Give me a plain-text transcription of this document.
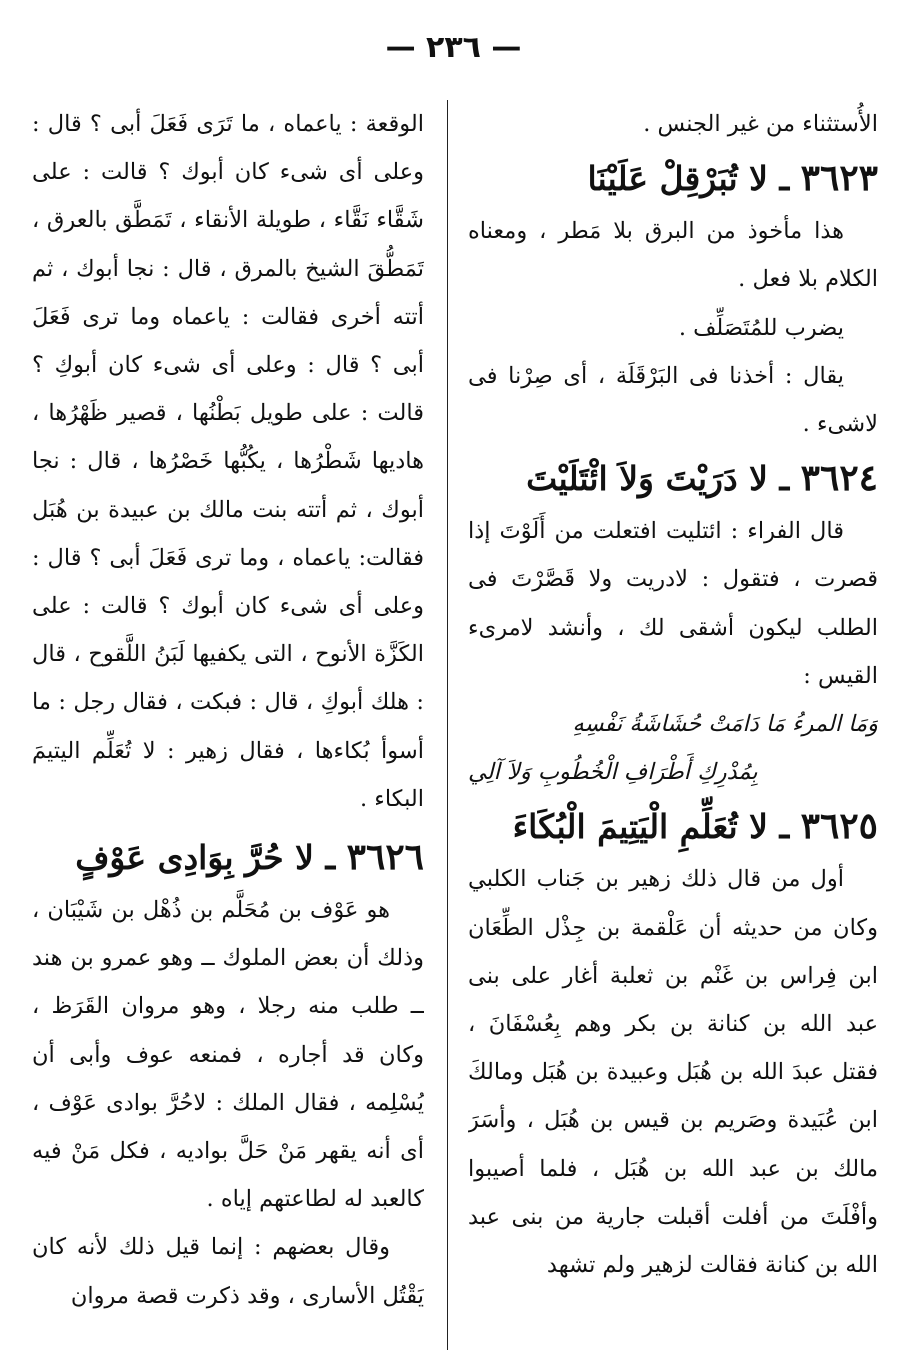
— ٢٣٦ —

الأُستثناء من غير الجنس .

٣٦٢٣ ـ لا تُبَرْقِلْ عَلَيْنَا

هذا مأخوذ من البرق بلا مَطر ، ومعناه الكلام بلا فعل .

يضرب للمُتَصَلِّف .

يقال : أخذنا فى البَرْقَلَة ، أى صِرْنا فى لاشىء .

٣٦٢٤ ـ لا دَرَيْتَ وَلاَ ائْتَلَيْتَ

قال الفراء : ائتليت افتعلت من أَلَوْتَ إذا قصرت ، فتقول : لادريت ولا قَصَّرْتَ فى الطلب ليكون أشقى لك ، وأنشد لامرىء القيس :

وَمَا المرءُ مَا دَامَتْ حُشَاشَةُ نَفْسِهِ

بِمُدْرِكِ أَطْرَافِ الْخُطُوبِ وَلاَ آلِي

٣٦٢٥ ـ لا تُعَلِّمِ الْيَتِيمَ الْبُكَاءَ

أول من قال ذلك زهير بن جَناب الكلبي وكان من حديثه أن عَلْقمة بن جِذْل الطِّعَان ابن فِراس بن غَنْم بن ثعلبة أغار على بنى عبد الله بن كنانة بن بكر وهم بِعُسْفَانَ ، فقتل عبدَ الله بن هُبَل وعبيدة بن هُبَل ومالكَ ابن عُبَيدة وصَريم بن قيس بن هُبَل ، وأسَرَ مالك بن عبد الله بن هُبَل ، فلما أصيبوا وأفْلَتَ من أفلت أقبلت جارية من بنى عبد الله بن كنانة فقالت لزهير ولم تشهد

الوقعة : ياعماه ، ما تَرَى فَعَلَ أبى ؟ قال : وعلى أى شىء كان أبوك ؟ قالت : على شَقَّاء نَقَّاء ، طويلة الأنقاء ، تَمَطَّق بالعرق ، تَمَطُّقَ الشيخ بالمرق ، قال : نجا أبوك ، ثم أتته أخرى فقالت : ياعماه وما ترى فَعَلَ أبى ؟ قال : وعلى أى شىء كان أبوكِ ؟ قالت : على طويل بَطْنُها ، قصير ظَهْرُها ، هاديها شَطْرُها ، يكُبُّها خَصْرُها ، قال : نجا أبوك ، ثم أتته بنت مالك بن عبيدة بن هُبَل فقالت: ياعماه ، وما ترى فَعَلَ أبى ؟ قال : وعلى أى شىء كان أبوك ؟ قالت : على الكَزَّة الأنوح ، التى يكفيها لَبَنُ اللَّقوح ، قال : هلك أبوكِ ، قال : فبكت ، فقال رجل : ما أسوأ بُكاءها ، فقال زهير : لا تُعَلِّم اليتيمَ البكاء .

٣٦٢٦ ـ لا حُرَّ بِوَادِى عَوْفٍ

هو عَوْف بن مُحَلَّم بن ذُهْل بن شَيْبَان ، وذلك أن بعض الملوك ــ وهو عمرو بن هند ــ طلب منه رجلا ، وهو مروان القَرَظ ، وكان قد أجاره ، فمنعه عوف وأبى أن يُسْلِمه ، فقال الملك : لاحُرَّ بوادى عَوْف ، أى أنه يقهر مَنْ حَلَّ بواديه ، فكل مَنْ فيه كالعبد له لطاعتهم إياه .

وقال بعضهم : إنما قيل ذلك لأنه كان يَقْتُل الأسارى ، وقد ذكرت قصة مروان
